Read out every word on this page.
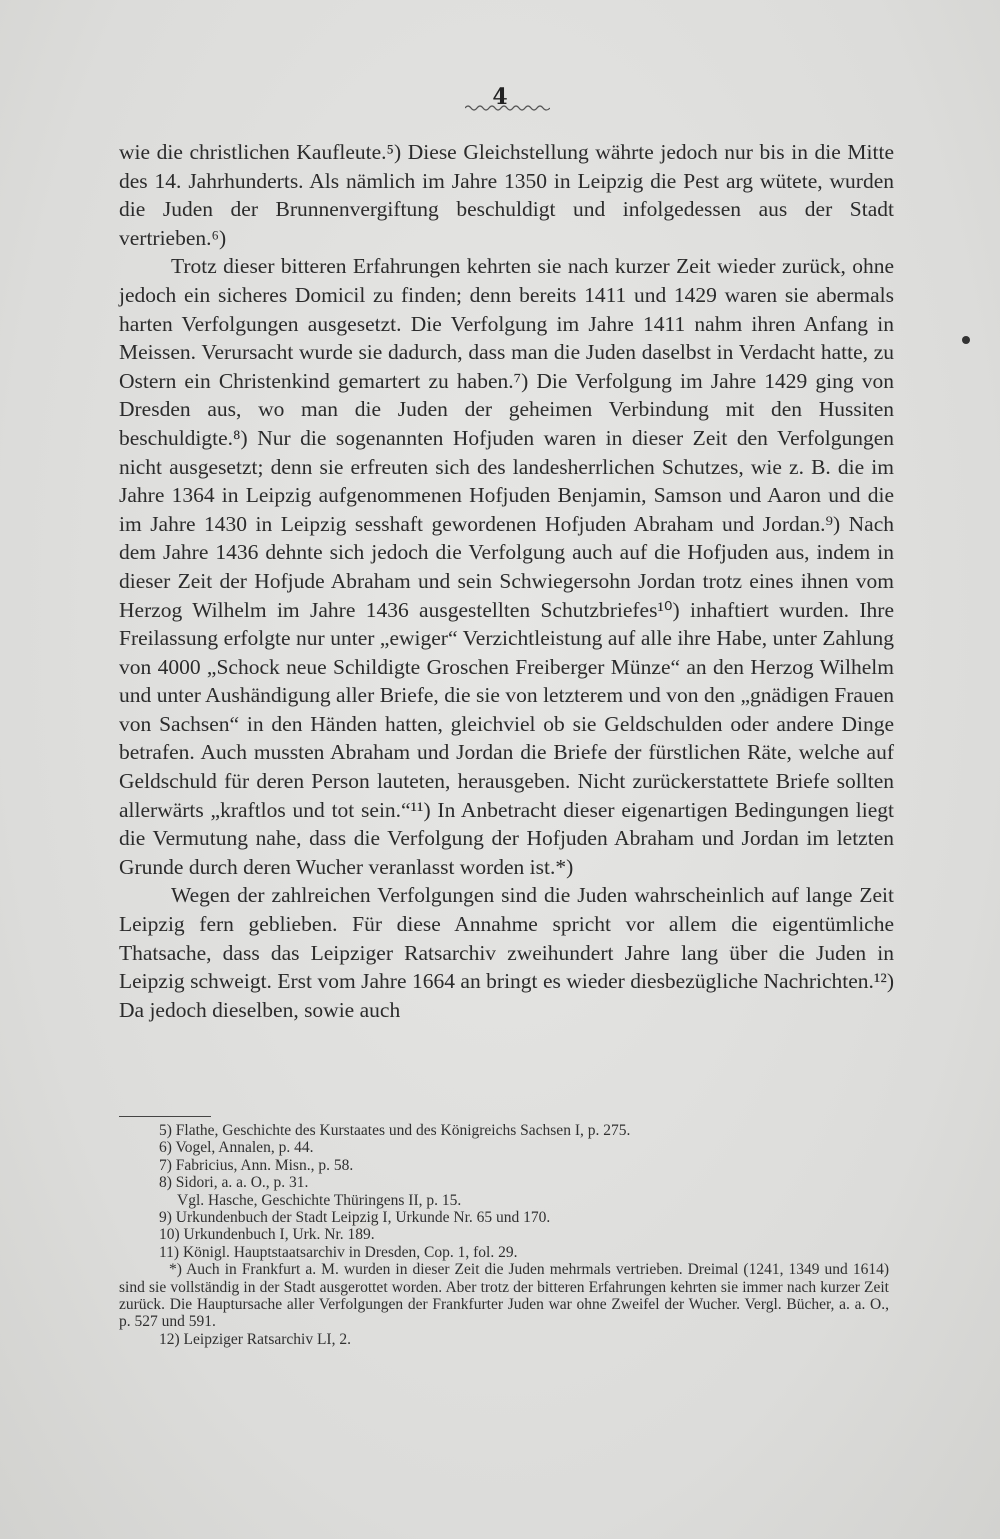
4

wie die christlichen Kaufleute.⁵) Diese Gleichstellung währte jedoch nur bis in die Mitte des 14. Jahrhunderts. Als nämlich im Jahre 1350 in Leipzig die Pest arg wütete, wurden die Juden der Brunnenvergiftung beschuldigt und infolgedessen aus der Stadt vertrieben.⁶)

Trotz dieser bitteren Erfahrungen kehrten sie nach kurzer Zeit wieder zurück, ohne jedoch ein sicheres Domicil zu finden; denn bereits 1411 und 1429 waren sie abermals harten Verfolgungen ausgesetzt. Die Verfolgung im Jahre 1411 nahm ihren Anfang in Meissen. Verursacht wurde sie dadurch, dass man die Juden daselbst in Verdacht hatte, zu Ostern ein Christenkind gemartert zu haben.⁷) Die Verfolgung im Jahre 1429 ging von Dresden aus, wo man die Juden der geheimen Verbindung mit den Hussiten beschuldigte.⁸) Nur die sogenannten Hofjuden waren in dieser Zeit den Verfolgungen nicht ausgesetzt; denn sie erfreuten sich des landesherrlichen Schutzes, wie z. B. die im Jahre 1364 in Leipzig aufgenommenen Hofjuden Benjamin, Samson und Aaron und die im Jahre 1430 in Leipzig sesshaft gewordenen Hofjuden Abraham und Jordan.⁹) Nach dem Jahre 1436 dehnte sich jedoch die Verfolgung auch auf die Hofjuden aus, indem in dieser Zeit der Hofjude Abraham und sein Schwiegersohn Jordan trotz eines ihnen vom Herzog Wilhelm im Jahre 1436 ausgestellten Schutzbriefes¹⁰) inhaftiert wurden. Ihre Freilassung erfolgte nur unter „ewiger“ Verzichtleistung auf alle ihre Habe, unter Zahlung von 4000 „Schock neue Schildigte Groschen Freiberger Münze“ an den Herzog Wilhelm und unter Aushändigung aller Briefe, die sie von letzterem und von den „gnädigen Frauen von Sachsen“ in den Händen hatten, gleichviel ob sie Geldschulden oder andere Dinge betrafen. Auch mussten Abraham und Jordan die Briefe der fürstlichen Räte, welche auf Geldschuld für deren Person lauteten, herausgeben. Nicht zurückerstattete Briefe sollten allerwärts „kraftlos und tot sein.“¹¹) In Anbetracht dieser eigenartigen Bedingungen liegt die Vermutung nahe, dass die Verfolgung der Hofjuden Abraham und Jordan im letzten Grunde durch deren Wucher veranlasst worden ist.*)

Wegen der zahlreichen Verfolgungen sind die Juden wahrscheinlich auf lange Zeit Leipzig fern geblieben. Für diese Annahme spricht vor allem die eigentümliche Thatsache, dass das Leipziger Ratsarchiv zweihundert Jahre lang über die Juden in Leipzig schweigt. Erst vom Jahre 1664 an bringt es wieder diesbezügliche Nachrichten.¹²) Da jedoch dieselben, sowie auch

5) Flathe, Geschichte des Kurstaates und des Königreichs Sachsen I, p. 275.
6) Vogel, Annalen, p. 44.
7) Fabricius, Ann. Misn., p. 58.
8) Sidori, a. a. O., p. 31.
Vgl. Hasche, Geschichte Thüringens II, p. 15.
9) Urkundenbuch der Stadt Leipzig I, Urkunde Nr. 65 und 170.
10) Urkundenbuch I, Urk. Nr. 189.
11) Königl. Hauptstaatsarchiv in Dresden, Cop. 1, fol. 29.
*) Auch in Frankfurt a. M. wurden in dieser Zeit die Juden mehrmals vertrieben. Dreimal (1241, 1349 und 1614) sind sie vollständig in der Stadt ausgerottet worden. Aber trotz der bitteren Erfahrungen kehrten sie immer nach kurzer Zeit zurück. Die Hauptursache aller Verfolgungen der Frankfurter Juden war ohne Zweifel der Wucher. Vergl. Bücher, a. a. O., p. 527 und 591.
12) Leipziger Ratsarchiv LI, 2.
